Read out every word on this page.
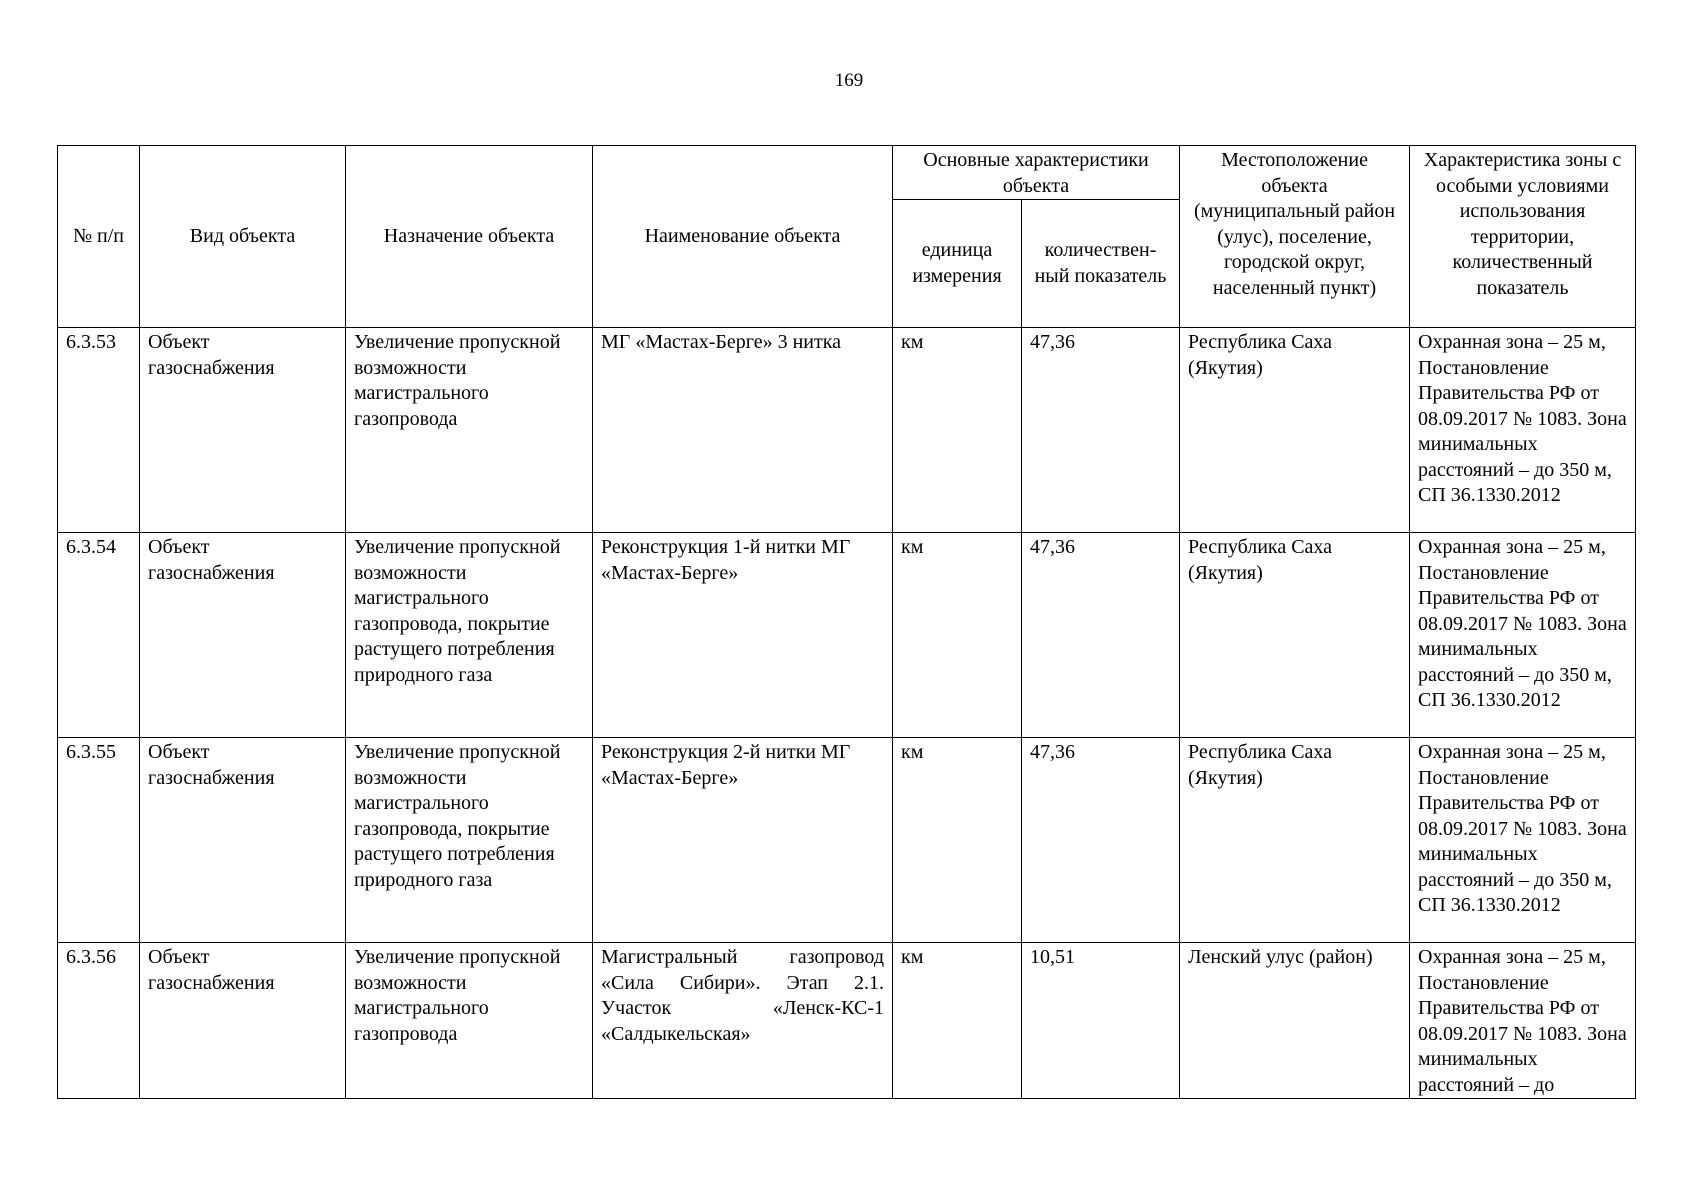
169
№ п/п	Вид объекта	Назначение объекта	Наименование объекта	Основные характеристики объекта		Местоположение объекта (муниципальный район (улус), поселение, городской округ, населенный пункт)	Характеристика зоны с особыми условиями использования территории, количественный показатель
				единица измерения	количествен-ный показатель		
6.3.53	Объект газоснабжения	Увеличение пропускной возможности магистрального газопровода	МГ «Мастах-Берге» 3 нитка	км	47,36	Республика Саха (Якутия)	Охранная зона – 25 м, Постановление Правительства РФ от 08.09.2017 № 1083. Зона минимальных расстояний – до 350 м, СП 36.1330.2012
6.3.54	Объект газоснабжения	Увеличение пропускной возможности магистрального газопровода, покрытие растущего потребления природного газа	Реконструкция 1-й нитки МГ «Мастах-Берге»	км	47,36	Республика Саха (Якутия)	Охранная зона – 25 м, Постановление Правительства РФ от 08.09.2017 № 1083. Зона минимальных расстояний – до 350 м, СП 36.1330.2012
6.3.55	Объект газоснабжения	Увеличение пропускной возможности магистрального газопровода, покрытие растущего потребления природного газа	Реконструкция 2-й нитки МГ «Мастах-Берге»	км	47,36	Республика Саха (Якутия)	Охранная зона – 25 м, Постановление Правительства РФ от 08.09.2017 № 1083. Зона минимальных расстояний – до 350 м, СП 36.1330.2012
6.3.56	Объект газоснабжения	Увеличение пропускной возможности магистрального газопровода	Магистральный газопровод «Сила Сибири». Этап 2.1. Участок «Ленск-КС-1 «Салдыкельская»	км	10,51	Ленский улус (район)	Охранная зона – 25 м, Постановление Правительства РФ от 08.09.2017 № 1083. Зона минимальных расстояний – до
